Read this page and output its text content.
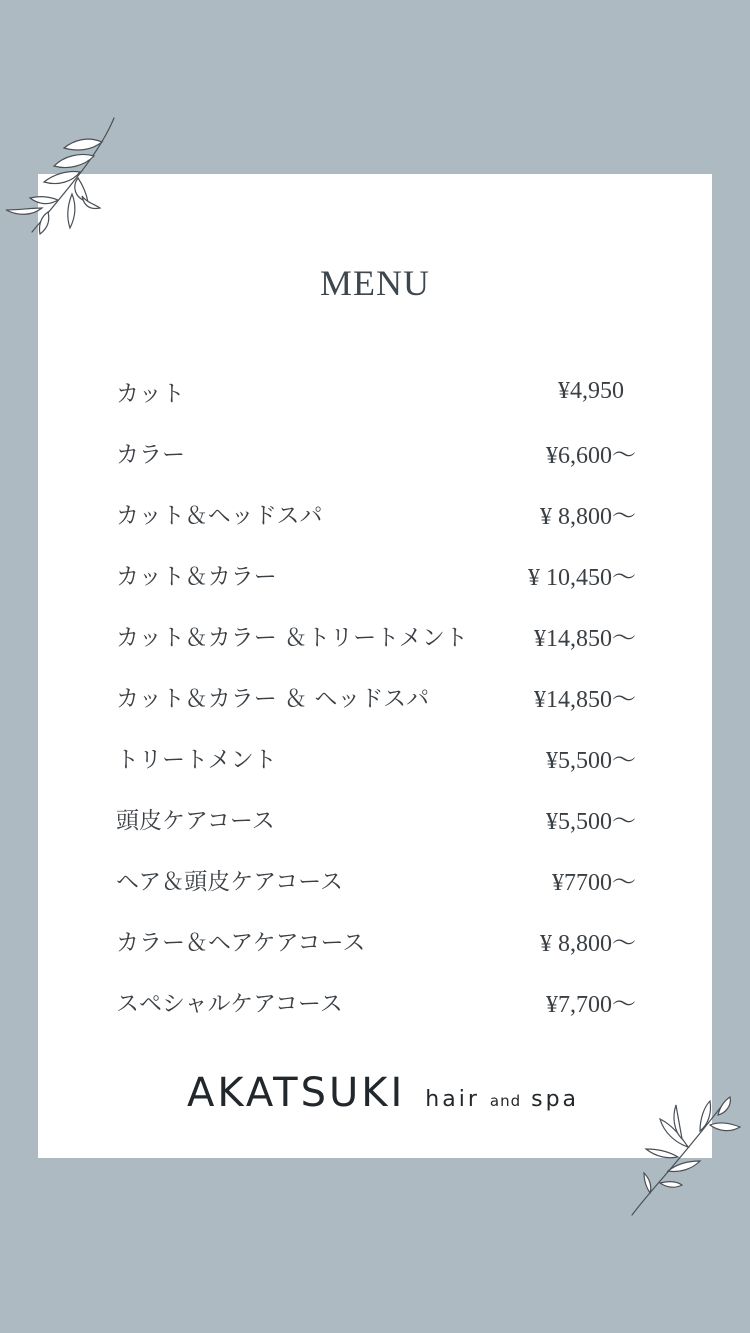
MENU
カット	¥4,950
カラー	¥6,600〜
カット＆ヘッドスパ	¥ 8,800〜
カット＆カラー	¥ 10,450〜
カット＆カラー ＆トリートメント	¥14,850〜
カット＆カラー ＆ ヘッドスパ	¥14,850〜
トリートメント	¥5,500〜
頭皮ケアコース	¥5,500〜
ヘア＆頭皮ケアコース	¥7700〜
カラー＆ヘアケアコース	¥ 8,800〜
スペシャルケアコース	¥7,700〜
AKATSUKI hair and spa
